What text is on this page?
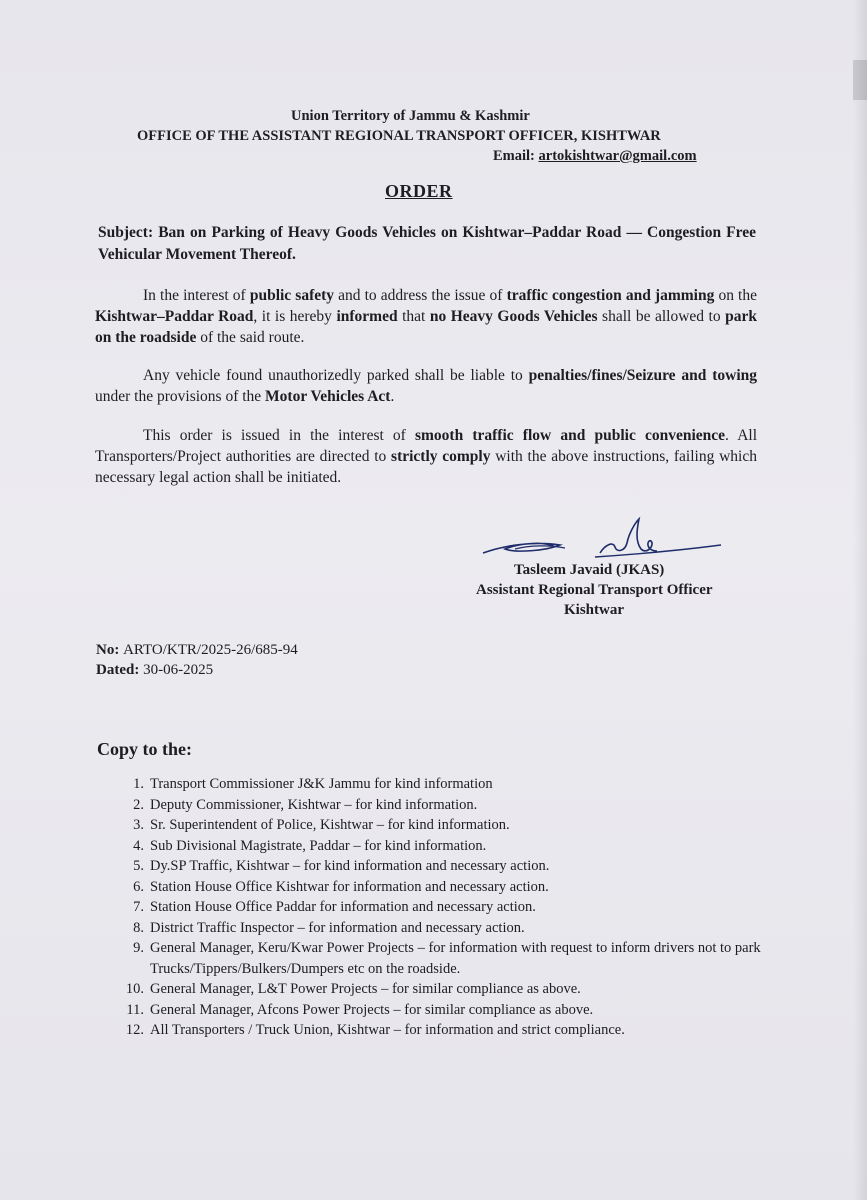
Union Territory of Jammu & Kashmir
OFFICE OF THE ASSISTANT REGIONAL TRANSPORT OFFICER, KISHTWAR
Email: artokishtwar@gmail.com
ORDER
Subject: Ban on Parking of Heavy Goods Vehicles on Kishtwar–Paddar Road — Congestion Free Vehicular Movement Thereof.
In the interest of public safety and to address the issue of traffic congestion and jamming on the Kishtwar–Paddar Road, it is hereby informed that no Heavy Goods Vehicles shall be allowed to park on the roadside of the said route.
Any vehicle found unauthorizedly parked shall be liable to penalties/fines/Seizure and towing under the provisions of the Motor Vehicles Act.
This order is issued in the interest of smooth traffic flow and public convenience. All Transporters/Project authorities are directed to strictly comply with the above instructions, failing which necessary legal action shall be initiated.
Tasleem Javaid (JKAS)
Assistant Regional Transport Officer
Kishtwar
No: ARTO/KTR/2025-26/685-94
Dated: 30-06-2025
Copy to the:
1. Transport Commissioner J&K Jammu for kind information
2. Deputy Commissioner, Kishtwar – for kind information.
3. Sr. Superintendent of Police, Kishtwar – for kind information.
4. Sub Divisional Magistrate, Paddar – for kind information.
5. Dy.SP Traffic, Kishtwar – for kind information and necessary action.
6. Station House Office Kishtwar for information and necessary action.
7. Station House Office Paddar for information and necessary action.
8. District Traffic Inspector – for information and necessary action.
9. General Manager, Keru/Kwar Power Projects – for information with request to inform drivers not to park Trucks/Tippers/Bulkers/Dumpers etc on the roadside.
10. General Manager, L&T Power Projects – for similar compliance as above.
11. General Manager, Afcons Power Projects – for similar compliance as above.
12. All Transporters / Truck Union, Kishtwar – for information and strict compliance.
